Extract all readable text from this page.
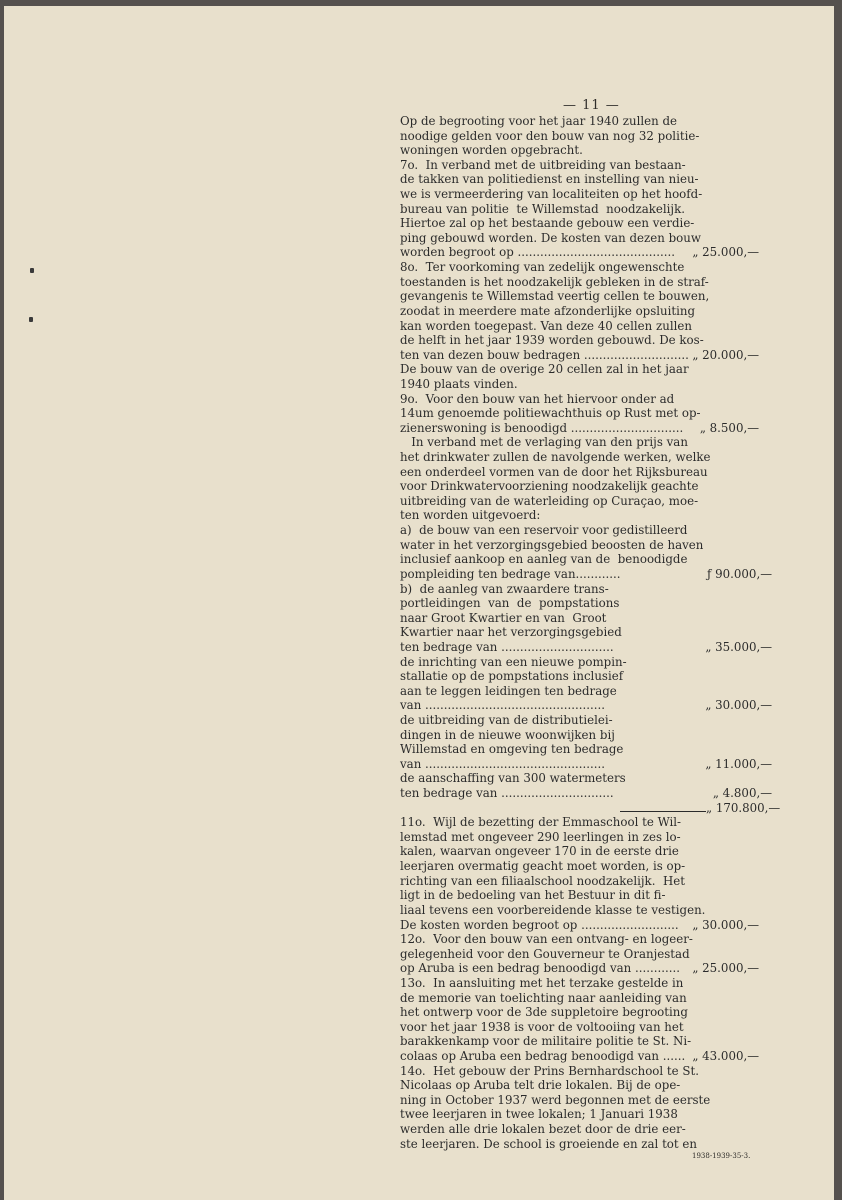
— 11 —
Op de begrooting voor het jaar 1940 zullen de
noodige gelden voor den bouw van nog 32 politie-
woningen worden opgebracht.
7o.  In verband met de uitbreiding van bestaan-
de takken van politiedienst en instelling van nieu-
we is vermeerdering van localiteiten op het hoofd-
bureau van politie  te Willemstad  noodzakelijk.
Hiertoe zal op het bestaande gebouw een verdie-
ping gebouwd worden. De kosten van dezen bouw
worden begroot op .......................................... „ 25.000,—
8o.  Ter voorkoming van zedelijk ongewenschte
toestanden is het noodzakelijk gebleken in de straf-
gevangenis te Willemstad veertig cellen te bouwen,
zoodat in meerdere mate afzonderlijke opsluiting
kan worden toegepast. Van deze 40 cellen zullen
de helft in het jaar 1939 worden gebouwd. De kos-
ten van dezen bouw bedragen ............................ „ 20.000,—
De bouw van de overige 20 cellen zal in het jaar
1940 plaats vinden.
9o.  Voor den bouw van het hiervoor onder ad
14um genoemde politiewachthuis op Rust met op-
zienerswoning is benoodigd .............................. „ 8.500,—
In verband met de verlaging van den prijs van
het drinkwater zullen de navolgende werken, welke
een onderdeel vormen van de door het Rijksbureau
voor Drinkwatervoorziening noodzakelijk geachte
uitbreiding van de waterleiding op Curaçao, moe-
ten worden uitgevoerd:
a)  de bouw van een reservoir voor gedistilleerd
water in het verzorgingsgebied beoosten de haven
inclusief aankoop en aanleg van de  benoodigde
pompleiding ten bedrage van............	ƒ 90.000,—
b)  de aanleg van zwaardere trans-
portleidingen  van  de  pompstations
naar Groot Kwartier en van  Groot
Kwartier naar het verzorgingsgebied
ten bedrage van ..............................	„ 35.000,—
de inrichting van een nieuwe pompin-
stallatie op de pompstations inclusief
aan te leggen leidingen ten bedrage
van ................................................	„ 30.000,—
de uitbreiding van de distributielei-
dingen in de nieuwe woonwijken bij
Willemstad en omgeving ten bedrage
van ................................................	„ 11.000,—
de aanschaffing van 300 watermeters
ten bedrage van ..............................	„ 4.800,—
„ 170.800,—
11o.  Wijl de bezetting der Emmaschool te Wil-
lemstad met ongeveer 290 leerlingen in zes lo-
kalen, waarvan ongeveer 170 in de eerste drie
leerjaren overmatig geacht moet worden, is op-
richting van een filiaalschool noodzakelijk.  Het
ligt in de bedoeling van het Bestuur in dit fi-
liaal tevens een voorbereidende klasse te vestigen.
De kosten worden begroot op .......................... „ 30.000,—
12o.  Voor den bouw van een ontvang- en logeer-
gelegenheid voor den Gouverneur te Oranjestad
op Aruba is een bedrag benoodigd van ............ „ 25.000,—
13o.  In aansluiting met het terzake gestelde in
de memorie van toelichting naar aanleiding van
het ontwerp voor de 3de suppletoire begrooting
voor het jaar 1938 is voor de voltooiing van het
barakkenkamp voor de militaire politie te St. Ni-
colaas op Aruba een bedrag benoodigd van ...... „ 43.000,—
14o.  Het gebouw der Prins Bernhardschool te St.
Nicolaas op Aruba telt drie lokalen. Bij de ope-
ning in October 1937 werd begonnen met de eerste
twee leerjaren in twee lokalen; 1 Januari 1938
werden alle drie lokalen bezet door de drie eer-
ste leerjaren. De school is groeiende en zal tot en
1938-1939-35-3.
